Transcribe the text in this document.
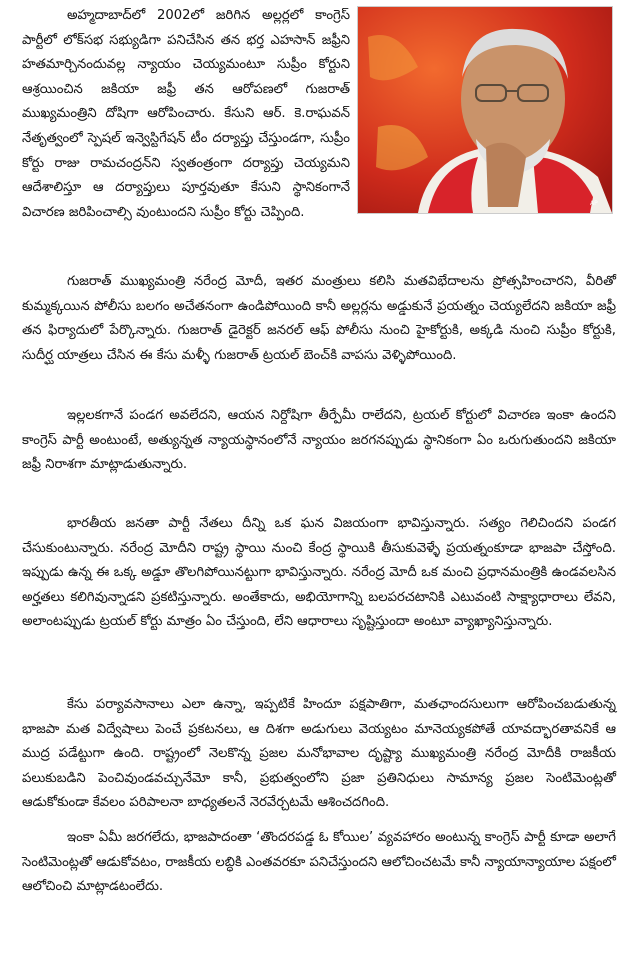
AP

అహ్మదాబాద్‌లో 2002లో జరిగిన అల్లర్లలో కాంగ్రెస్ పార్టీలో లోక్‌సభ సభ్యుడిగా పనిచేసిన తన భర్త ఎహసాన్ జఫ్రీని హతమార్చినందువల్ల న్యాయం చెయ్యమంటూ సుప్రీం కోర్టుని ఆశ్రయించిన జకియా జఫ్రీ తన ఆరోపణలో గుజరాత్ ముఖ్యమంత్రిని దోషిగా ఆరోపించారు. కేసుని ఆర్. కె.రాఘవన్ నేతృత్వంలో స్పెషల్ ఇన్వెస్టిగేషన్ టీం దర్యాప్తు చేస్తుండగా, సుప్రీం కోర్టు రాజు రామచంద్రన్‌ని స్వతంత్రంగా దర్యాప్తు చెయ్యమని ఆదేశాలిస్తూ ఆ దర్యాప్తులు పూర్తవుతూ కేసుని స్థానికంగానే విచారణ జరిపించాల్సి వుంటుందని సుప్రీం కోర్టు చెప్పింది.

గుజరాత్ ముఖ్యమంత్రి నరేంద్ర మోదీ, ఇతర మంత్రులు కలిసి మతవిభేదాలను ప్రోత్సహించారని, వీరితో కుమ్మక్కయిన పోలీసు బలగం అచేతనంగా ఉండిపోయింది కానీ అల్లర్లను అడ్డుకునే ప్రయత్నం చెయ్యలేదని జకియా జఫ్రీ తన ఫిర్యాదులో పేర్కొన్నారు. గుజరాత్ డైరెక్టర్ జనరల్ ఆఫ్ పోలీసు నుంచి హైకోర్టుకి, అక్కడి నుంచి సుప్రీం కోర్టుకి, సుదీర్ఘ యాత్రలు చేసిన ఈ కేసు మళ్ళీ గుజరాత్ ట్రయల్ బెంచ్‌కి వాపసు వెళ్ళిపోయింది.

ఇల్లలకగానే పండగ అవలేదని, ఆయన నిర్దోషిగా తీర్పేమీ రాలేదని, ట్రయల్ కోర్టులో విచారణ ఇంకా ఉందని కాంగ్రెస్ పార్టీ అంటుంటే, అత్యున్నత న్యాయస్థానంలోనే న్యాయం జరగనప్పుడు స్థానికంగా ఏం ఒరుగుతుందని జకియా జఫ్రీ నిరాశగా మాట్లాడుతున్నారు.

భారతీయ జనతా పార్టీ నేతలు దీన్ని ఒక ఘన విజయంగా భావిస్తున్నారు. సత్యం గెలిచిందని పండగ చేసుకుంటున్నారు. నరేంద్ర మోదీని రాష్ట్ర స్థాయి నుంచి కేంద్ర స్థాయికి తీసుకువెళ్ళే ప్రయత్నంకూడా భాజపా చేస్తోంది. ఇప్పుడు ఉన్న ఈ ఒక్క అడ్డూ తొలగిపోయినట్టుగా భావిస్తున్నారు. నరేంద్ర మోదీ ఒక మంచి ప్రధానమంత్రికి ఉండవలసిన అర్హతలు కలిగివున్నాడని ప్రకటిస్తున్నారు. అంతేకాదు, అభియోగాన్ని బలపరచటానికి ఎటువంటి సాక్ష్యాధారాలు లేవని, అలాంటప్పుడు ట్రయల్ కోర్టు మాత్రం ఏం చేస్తుంది, లేని ఆధారాలు సృష్టిస్తుందా అంటూ వ్యాఖ్యానిస్తున్నారు.

కేసు పర్యావసానాలు ఎలా ఉన్నా, ఇప్పటికే హిందూ పక్షపాతిగా, మతఛాందసులుగా ఆరోపించబడుతున్న భాజపా మత విద్వేషాలు పెంచే ప్రకటనలు, ఆ దిశగా అడుగులు వెయ్యటం మానెయ్యకపోతే యావద్భారతావనికే ఆ ముద్ర పడేట్టుగా ఉంది. రాష్ట్రంలో నెలకొన్న ప్రజల మనోభావాల దృష్ట్యా ముఖ్యమంత్రి నరేంద్ర మోదీకి రాజకీయ పలుకుబడిని పెంచివుండవచ్చునేమో కానీ, ప్రభుత్వంలోని ప్రజా ప్రతినిధులు సామాన్య ప్రజల సెంటిమెంట్లతో ఆడుకోకుండా కేవలం పరిపాలనా బాధ్యతలనే నెరవేర్చటమే ఆశించదగింది.

ఇంకా ఏమీ జరగలేదు, భాజపాదంతా ‘తొందరపడ్డ ఓ కోయిల’ వ్యవహారం అంటున్న కాంగ్రెస్ పార్టీ కూడా అలాగే సెంటిమెంట్లతో ఆడుకోవటం, రాజకీయ లబ్ధికి ఎంతవరకూ పనిచేస్తుందని ఆలోచించటమే కానీ న్యాయాన్యాయాల పక్షంలో ఆలోచించి మాట్లాడటంలేదు.
